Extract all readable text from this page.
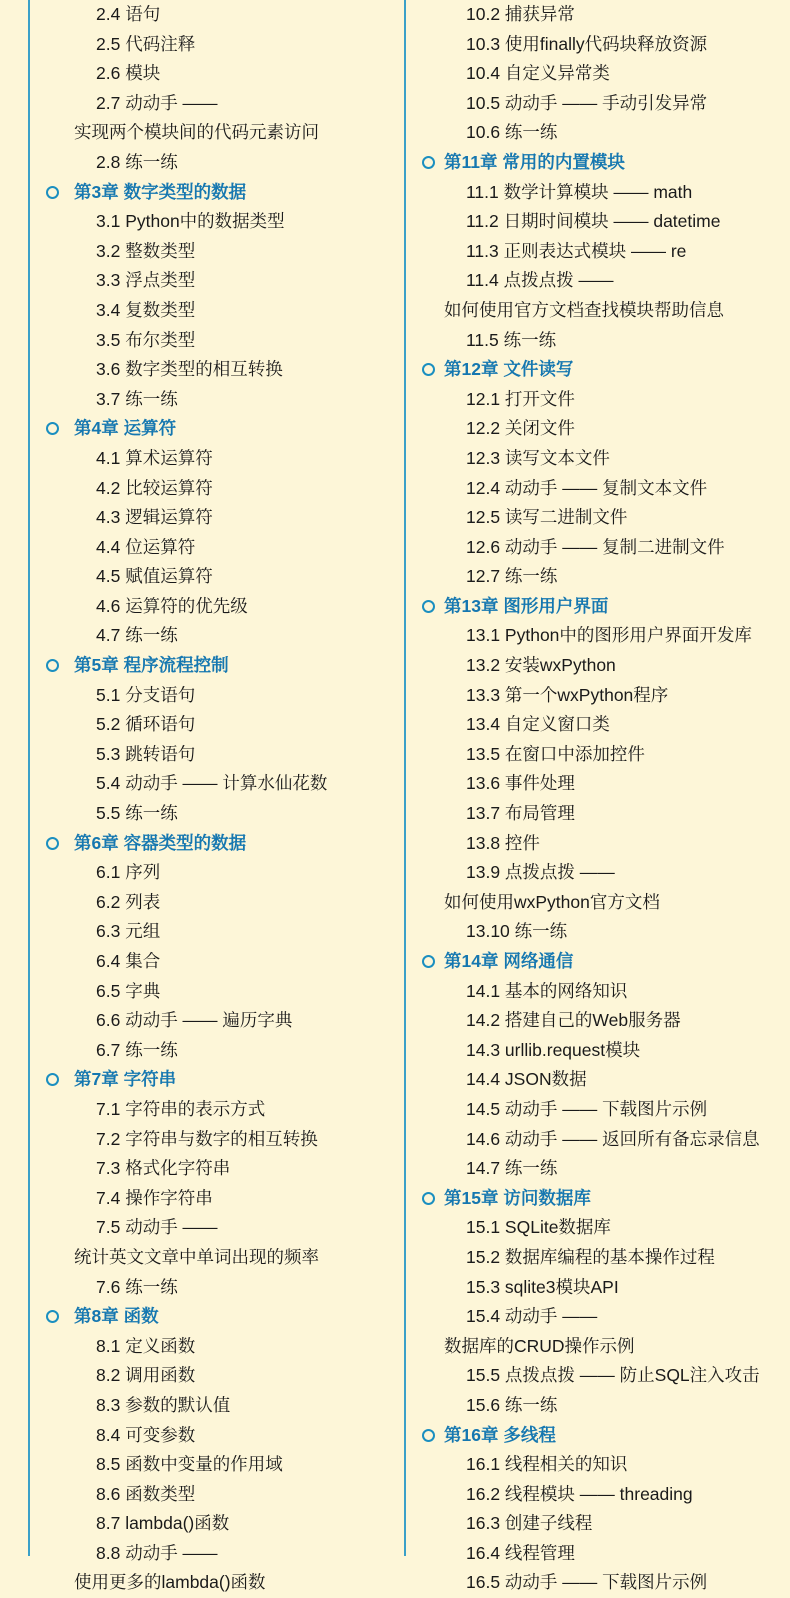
2.4 语句
2.5 代码注释
2.6 模块
2.7 动动手 ——
实现两个模块间的代码元素访问
2.8 练一练
第3章 数字类型的数据
3.1 Python中的数据类型
3.2 整数类型
3.3 浮点类型
3.4 复数类型
3.5 布尔类型
3.6 数字类型的相互转换
3.7 练一练
第4章 运算符
4.1 算术运算符
4.2 比较运算符
4.3 逻辑运算符
4.4 位运算符
4.5 赋值运算符
4.6 运算符的优先级
4.7 练一练
第5章 程序流程控制
5.1 分支语句
5.2 循环语句
5.3 跳转语句
5.4 动动手 —— 计算水仙花数
5.5 练一练
第6章 容器类型的数据
6.1 序列
6.2 列表
6.3 元组
6.4 集合
6.5 字典
6.6 动动手 —— 遍历字典
6.7 练一练
第7章 字符串
7.1 字符串的表示方式
7.2 字符串与数字的相互转换
7.3 格式化字符串
7.4 操作字符串
7.5 动动手 ——
统计英文文章中单词出现的频率
7.6 练一练
第8章 函数
8.1 定义函数
8.2 调用函数
8.3 参数的默认值
8.4 可变参数
8.5 函数中变量的作用域
8.6 函数类型
8.7 lambda()函数
8.8 动动手 ——
使用更多的lambda()函数
10.2 捕获异常
10.3 使用finally代码块释放资源
10.4 自定义异常类
10.5 动动手 —— 手动引发异常
10.6 练一练
第11章 常用的内置模块
11.1 数学计算模块 —— math
11.2 日期时间模块 —— datetime
11.3 正则表达式模块 —— re
11.4 点拨点拨 ——
如何使用官方文档查找模块帮助信息
11.5 练一练
第12章 文件读写
12.1 打开文件
12.2 关闭文件
12.3 读写文本文件
12.4 动动手 —— 复制文本文件
12.5 读写二进制文件
12.6 动动手 —— 复制二进制文件
12.7 练一练
第13章 图形用户界面
13.1 Python中的图形用户界面开发库
13.2 安装wxPython
13.3 第一个wxPython程序
13.4 自定义窗口类
13.5 在窗口中添加控件
13.6 事件处理
13.7 布局管理
13.8 控件
13.9 点拨点拨 ——
如何使用wxPython官方文档
13.10 练一练
第14章 网络通信
14.1 基本的网络知识
14.2 搭建自己的Web服务器
14.3 urllib.request模块
14.4 JSON数据
14.5 动动手 —— 下载图片示例
14.6 动动手 —— 返回所有备忘录信息
14.7 练一练
第15章 访问数据库
15.1 SQLite数据库
15.2 数据库编程的基本操作过程
15.3 sqlite3模块API
15.4 动动手 ——
数据库的CRUD操作示例
15.5 点拨点拨 —— 防止SQL注入攻击
15.6 练一练
第16章 多线程
16.1 线程相关的知识
16.2 线程模块 —— threading
16.3 创建子线程
16.4 线程管理
16.5 动动手 —— 下载图片示例
